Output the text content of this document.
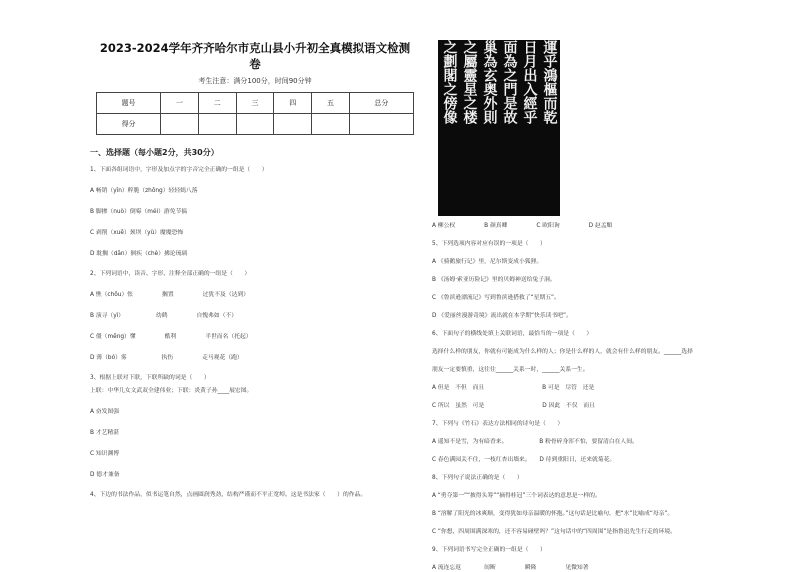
2023-2024学年齐齐哈尔市克山县小升初全真模拟语文检测
卷
考生注意：满分100分，时间90分钟
题号	一	二	三	四	五	总分
得分						
一、选择题（每小题2分，共30分）
1、下面各组词语中，字形及加点字的字音完全正确的一组是（　　）
A 畅销（yīn）粹脆（zhōng）轻轻嫣八落
B 脚掺（nuò）倒霉（méi）游免节搞
C 剥削（xuē）颈坝（yù）魔魔恐怖
D 耽搁（dān）徊疾（chè）拂论琉璃
2、下列词语中，读音、字形、注释全部正确的一组是（　　）
A 憔（chōu）怅　　　　　搁置　　　　　过犹不及（达到）
B 演寻（yì）　　　　　　幼鹤　　　　　自愧弗如（不）
C 僵（mēng）懂　　　　　酷利　　　　　半世而名（托起）
D 薄（bó）雾　　　　　　执伤　　　　　走马观花（跑）
3、根据上联对下联，下联所缺的词是（　　）
上联：中华儿女文武双全建伟业；下联：炎黄子孙____展宏图。
A 奋发图强
B 才艺精湛
C 知识渊博
D 德才兼备
4、下边的书法作品，似书运笔自然，点画圆润秀劲，结构严谨而不平正宽绰。这是书法家（　　）的作品。
運乎鴻樞而乾
日月出入經乎
面為之門是故
巢為玄奥外則
之屬靈星之楼
之劃閣之傍像
A 柳公权　　　　　B 颜真卿　　　　　C 欧阳询　　　　　D 赵孟頫
5、下列选项内容对应有误的一项是（　　）
A 《骑鹅旅行记》里，尼尔斯变成小狐狸。
B 《汤姆·索亚历险记》里的贝姆神送给兔子洞。
C 《鲁滨逊漂流记》写到鲁滨逊搭救了“星期五”。
D 《爱丽丝漫游奇境》流出就在本学期“快乐读书吧”。
6、下面句子的横线处填上关联词语，最恰当的一项是（　　）
选择什么样的朋友，你就有可能成为什么样的人；你是什么样的人，就会有什么样的朋友。______选择
朋友一定要慎重，这往往______关系一时，______关系一生。
A 但是　不但　而且　　　　　　　　　　B 可是　尽管　还是
C 所以　虽然　可是　　　　　　　　　　D 因此　不仅　而且
7、下列与《竹石》表达方法相同的诗句是（　　）
A 遥知不是雪，为有暗香来。　　　　　　B 粉骨碎身浑不怕，要留清白在人间。
C 春色满园关不住，一枝红杏出墙来。　　D 待到重阳日，还来就菊花。
8、下列句子说法正确的是（　　）
A “勇夺第一”“披得头筹”“摘得桂冠”三个词表达的意思是一样的。
B “溶解了阳光的冰爽顺，变得犹如母亲温暖的怀抱。”这句话是比喻句，把“水”比喻成“母亲”。
C “你想，四周围满深寒的，还不容易碰壁吗？”这句话中的“四周围”是指鲁迅先生行走的环境。
9、下列词语书写完全正确的一组是（　　）
A 流连忘返　　　　间断　　　　　瞬隆　　　　　见微知著
